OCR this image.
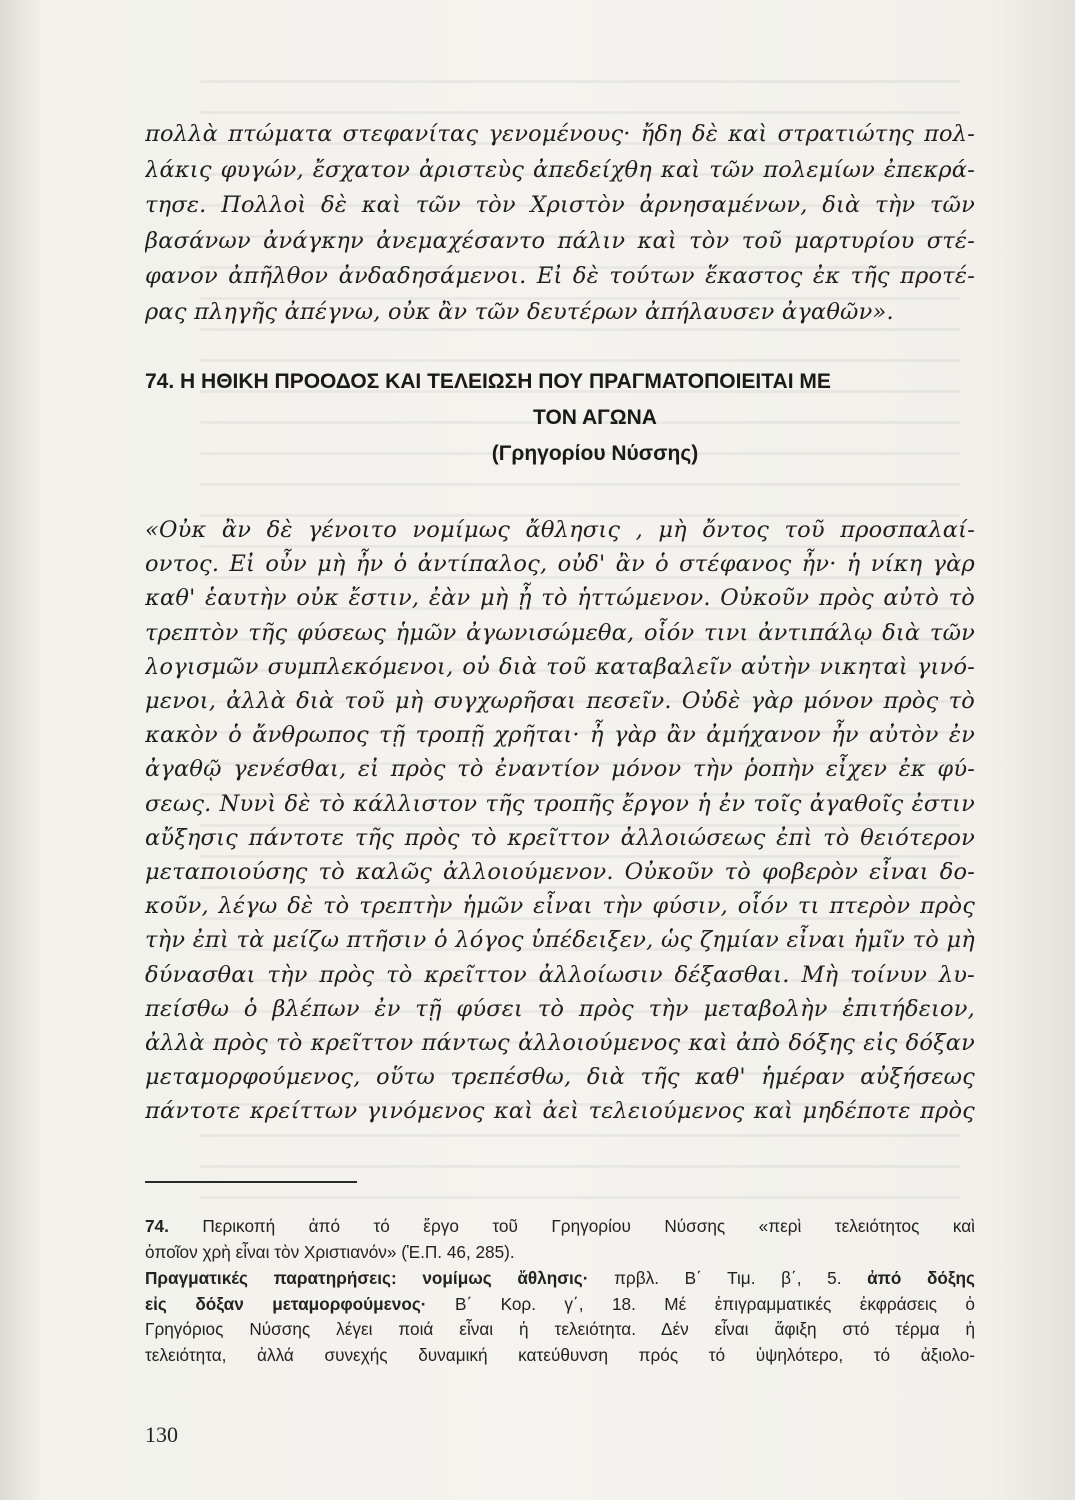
πολλὰ πτώματα στεφανίτας γενομένους· ἤδη δὲ καὶ στρατιώτης πολ-
λάκις φυγών, ἔσχατον ἀριστεὺς ἀπεδείχθη καὶ τῶν πολεμίων ἐπεκρά-
τησε. Πολλοὶ δὲ καὶ τῶν τὸν Χριστὸν ἀρνησαμένων, διὰ τὴν τῶν
βασάνων ἀνάγκην ἀνεμαχέσαντο πάλιν καὶ τὸν τοῦ μαρτυρίου στέ-
φανον ἀπῆλθον ἀνδαδησάμενοι. Εἰ δὲ τούτων ἕκαστος ἐκ τῆς προτέ-
ρας πληγῆς ἀπέγνω, οὐκ ἂν τῶν δευτέρων ἀπήλαυσεν ἀγαθῶν».

74. Η ΗΘΙΚΗ ΠΡΟΟΔΟΣ ΚΑΙ ΤΕΛΕΙΩΣΗ ΠΟΥ ΠΡΑΓΜΑΤΟΠΟΙΕΙΤΑΙ ΜΕ
ΤΟΝ ΑΓΩΝΑ
(Γρηγορίου Νύσσης)

«Οὐκ ἂν δὲ γένοιτο νομίμως ἄθλησις , μὴ ὄντος τοῦ προσπαλαί-
οντος. Εἰ οὖν μὴ ἦν ὁ ἀντίπαλος, οὐδ' ἂν ὁ στέφανος ἦν· ἡ νίκη γὰρ
καθ' ἑαυτὴν οὐκ ἔστιν, ἐὰν μὴ ᾖ τὸ ἡττώμενον. Οὐκοῦν πρὸς αὐτὸ τὸ
τρεπτὸν τῆς φύσεως ἡμῶν ἀγωνισώμεθα, οἷόν τινι ἀντιπάλῳ διὰ τῶν
λογισμῶν συμπλεκόμενοι, οὐ διὰ τοῦ καταβαλεῖν αὐτὴν νικηταὶ γινό-
μενοι, ἀλλὰ διὰ τοῦ μὴ συγχωρῆσαι πεσεῖν. Οὐδὲ γὰρ μόνον πρὸς τὸ
κακὸν ὁ ἄνθρωπος τῇ τροπῇ χρῆται· ἦ γὰρ ἂν ἀμήχανον ἦν αὐτὸν ἐν
ἀγαθῷ γενέσθαι, εἰ πρὸς τὸ ἐναντίον μόνον τὴν ῥοπὴν εἶχεν ἐκ φύ-
σεως. Νυνὶ δὲ τὸ κάλλιστον τῆς τροπῆς ἔργον ἡ ἐν τοῖς ἀγαθοῖς ἐστιν
αὔξησις πάντοτε τῆς πρὸς τὸ κρεῖττον ἀλλοιώσεως ἐπὶ τὸ θειότερον
μεταποιούσης τὸ καλῶς ἀλλοιούμενον. Οὐκοῦν τὸ φοβερὸν εἶναι δο-
κοῦν, λέγω δὲ τὸ τρεπτὴν ἡμῶν εἶναι τὴν φύσιν, οἷόν τι πτερὸν πρὸς
τὴν ἐπὶ τὰ μείζω πτῆσιν ὁ λόγος ὑπέδειξεν, ὡς ζημίαν εἶναι ἡμῖν τὸ μὴ
δύνασθαι τὴν πρὸς τὸ κρεῖττον ἀλλοίωσιν δέξασθαι. Μὴ τοίνυν λυ-
πείσθω ὁ βλέπων ἐν τῇ φύσει τὸ πρὸς τὴν μεταβολὴν ἐπιτήδειον,
ἀλλὰ πρὸς τὸ κρεῖττον πάντως ἀλλοιούμενος καὶ ἀπὸ δόξης εἰς δόξαν
μεταμορφούμενος, οὕτω τρεπέσθω, διὰ τῆς καθ' ἡμέραν αὐξήσεως
πάντοτε κρείττων γινόμενος καὶ ἀεὶ τελειούμενος καὶ μηδέποτε πρὸς

74. Περικοπή ἀπό τό ἔργο τοῦ Γρηγορίου Νύσσης «περὶ τελειότητος καὶ
ὁποῖον χρὴ εἶναι τὸν Χριστιανόν» (Ἑ.Π. 46, 285).

Πραγματικές παρατηρήσεις: νομίμως ἄθλησις· πρβλ. Β΄ Τιμ. β΄, 5. ἀπό δόξης
εἰς δόξαν μεταμορφούμενος· Β΄ Κορ. γ΄, 18. Μέ ἐπιγραμματικές ἐκφράσεις ὁ
Γρηγόριος Νύσσης λέγει ποιά εἶναι ἡ τελειότητα. Δέν εἶναι ἄφιξη στό τέρμα ἡ
τελειότητα, ἀλλά συνεχής δυναμική κατεύθυνση πρός τό ὑψηλότερο, τό ἀξιολο-

130
